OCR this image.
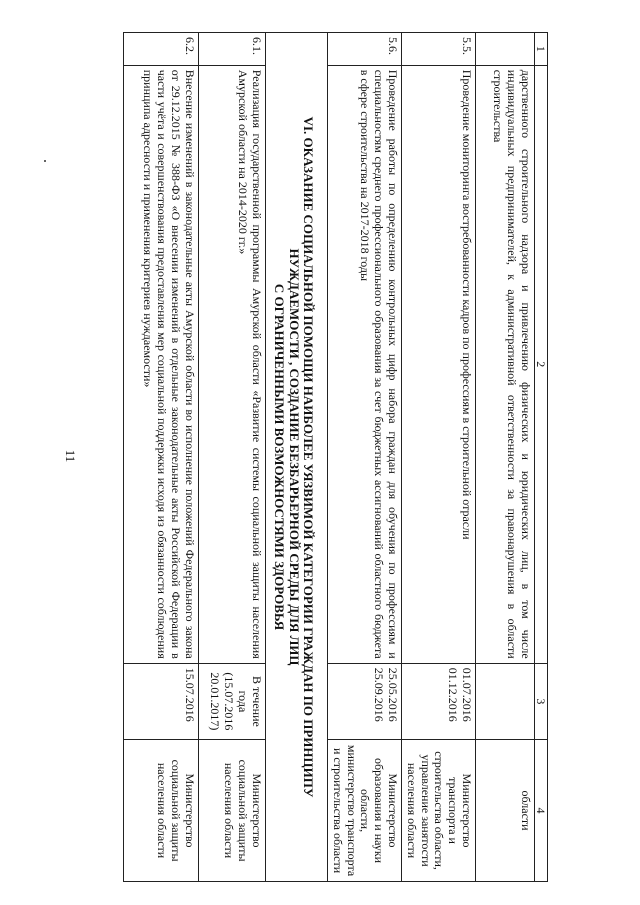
11
1	2	3	4
	дарственного строительного надзора и привлечению физических и юридических лиц, в том числе индивидуальных предпринимателей, к административной ответственности за правонарушения в области строительства		области
5.5.	Проведение мониторинга востребованности кадров по профессиям в строительной отрасли	01.07.2016
01.12.2016	Министерство транспорта и строительства области,
управление занятости населения области
5.6.	Проведение работы по определению контрольных цифр набора граждан для обучения по профессиям и специальностям среднего профессионального образования за счет бюджетных ассигнований областного бюджета в сфере строительства на 2017-2018 годы	25.05.2016
25.09.2016	Министерство образования и науки области,
министерство транспорта и строительства области

VI. ОКАЗАНИЕ СОЦИАЛЬНОЙ ПОМОЩИ НАИБОЛЕЕ УЯЗВИМОЙ КАТЕГОРИИ ГРАЖДАН ПО ПРИНЦИПУ
НУЖДАЕМОСТИ , СОЗДАНИЕ БЕЗБАРЬЕРНОЙ СРЕДЫ ДЛЯ ЛИЦ
С ОГРАНИЧЕННЫМИ ВОЗМОЖНОСТЯМИ ЗДОРОВЬЯ			

6.1.	Реализация государственной программы Амурской области «Развитие системы социальной защиты населения Амурской области на 2014-2020 гг.»	В течение года
(15.07.2016
20.01.2017)	Министерство социальной защиты населения области
6.2.	Внесение изменений в законодательные акты Амурской области во исполнение положений Федерального закона от 29.12.2015 № 388-ФЗ «О внесении изменений в отдельные законодательные акты Российской Федерации в части учёта и совершенствования предоставления мер социальной поддержки исходя из обязанности соблюдения принципа адресности и применения критериев нуждаемости»	15.07.2016	Министерство социальной защиты населения области
